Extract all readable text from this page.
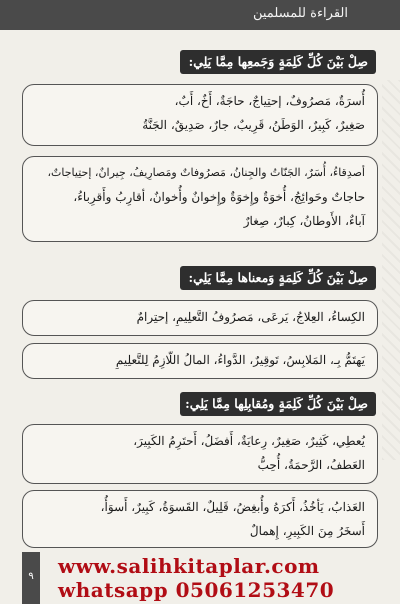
القراءة للمسلمين
صِلْ بَيْنَ كُلِّ كَلِمَةٍ وَجَمعِها مِمَّا يَلِي:
أُسرَةٌ، مَصرُوفٌ، إحتِياجٌ، حاجَةٌ، أَخٌ، أَبٌ،
صَغِيرٌ، كَبِيرٌ، الوَطَنُ، قَرِيبٌ، جارٌ، صَدِيقٌ، الجَنَّةُ
أصدِقاءُ، أُسَرٌ، الجَنّاتُ والجِنانُ، مَصرُوفاتٌ ومَصارِيفُ، جِيرانٌ، إحتِياجاتٌ،
حاجاتٌ وحَوائِجُ، أُخوَةٌ وإِخوَةٌ وإِخوانٌ وأُخوانٌ، أقارِبُ وأَقرِباءُ،
آباءٌ، الأَوطانُ، كِبارٌ، صِغارٌ
صِلْ بَيْنَ كُلِّ كَلِمَةٍ وَمعناها مِمَّا يَلِي:
الكِساءُ، العِلاجُ، يَرعَى، مَصرُوفُ التَّعلِيمِ، إحتِرامٌ
يَهتَمُّ بِـ، المَلابِسُ، تَوقِيرٌ، الدَّواءُ، المالُ اللّازِمُ لِلتَّعلِيمِ
صِلْ بَيْنَ كُلِّ كَلِمَةٍ ومُقابِلِها مِمَّا يَلِي:
يُعطِي، كَثِيرٌ، صَغِيرٌ، رِعايَةٌ، أَفضَلُ، أَحتَرِمُ الكَبِيرَ،
العَطفُ، الرَّحمَةُ، أُحِبُّ
العَذابُ، يَأخُذُ، أَكرَهُ وأُبغِضُ، قَلِيلٌ، القَسوَةُ، كَبِيرٌ، أَسوَأُ،
أَسخَرُ مِنَ الكَبِيرِ، إِهمالٌ
٩	www.salihkitaplar.com
whatsapp 05061253470
